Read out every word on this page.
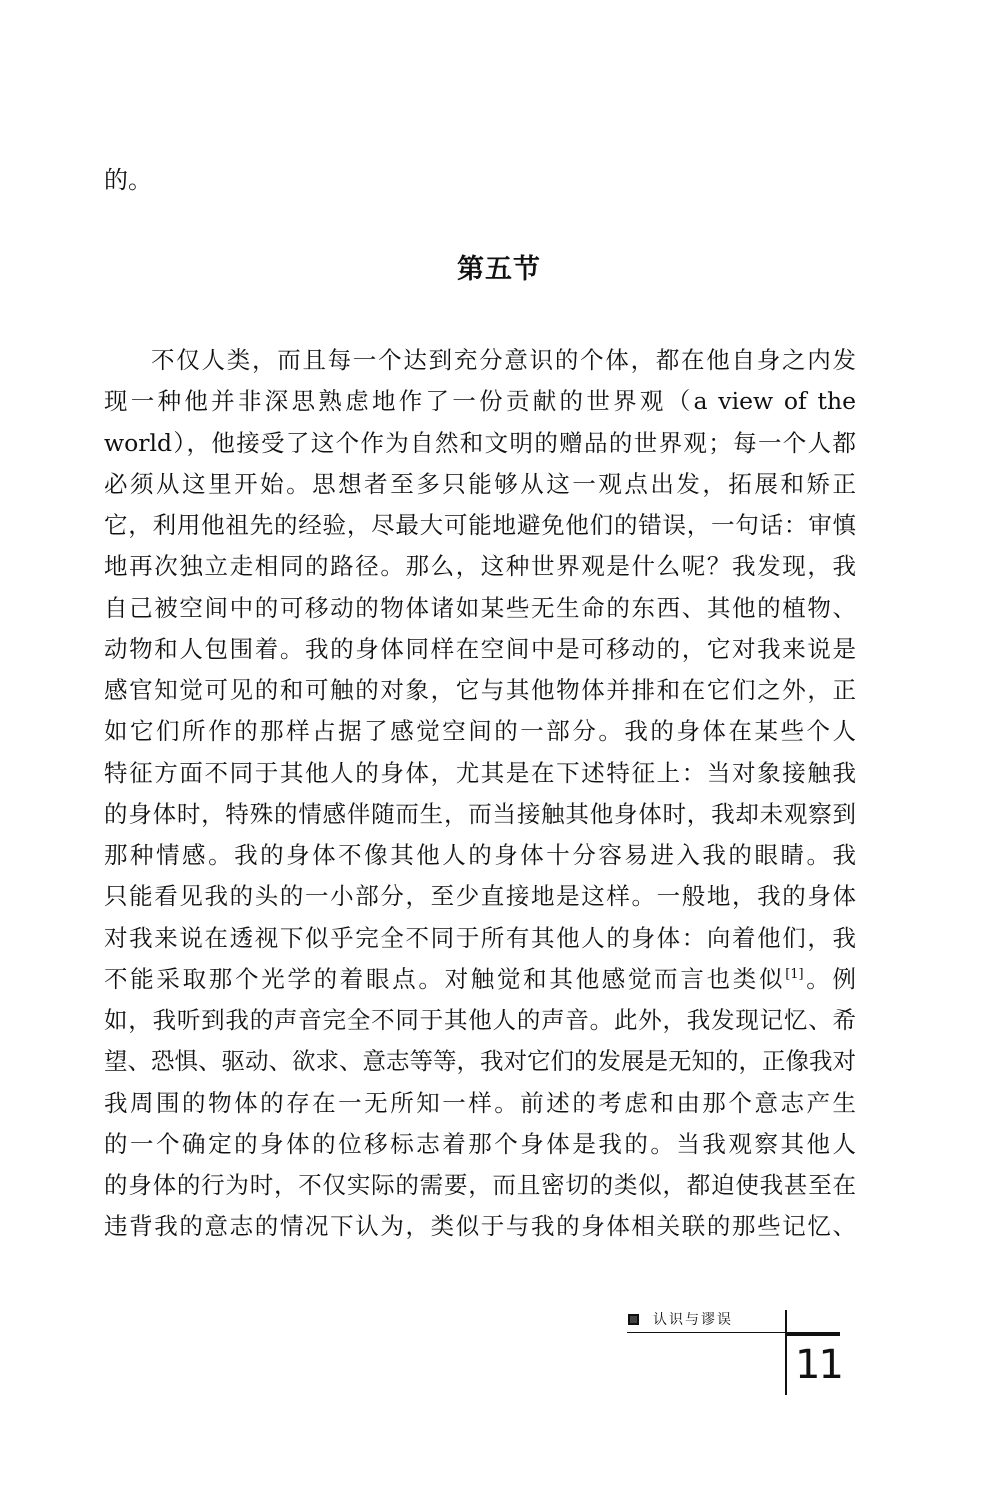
的。
第五节
不仅人类，而且每一个达到充分意识的个体，都在他自身之内发
现一种他并非深思熟虑地作了一份贡献的世界观（a view of the
world），他接受了这个作为自然和文明的赠品的世界观；每一个人都
必须从这里开始。思想者至多只能够从这一观点出发，拓展和矫正
它，利用他祖先的经验，尽最大可能地避免他们的错误，一句话：审慎
地再次独立走相同的路径。那么，这种世界观是什么呢？我发现，我
自己被空间中的可移动的物体诸如某些无生命的东西、其他的植物、
动物和人包围着。我的身体同样在空间中是可移动的，它对我来说是
感官知觉可见的和可触的对象，它与其他物体并排和在它们之外，正
如它们所作的那样占据了感觉空间的一部分。我的身体在某些个人
特征方面不同于其他人的身体，尤其是在下述特征上：当对象接触我
的身体时，特殊的情感伴随而生，而当接触其他身体时，我却未观察到
那种情感。我的身体不像其他人的身体十分容易进入我的眼睛。我
只能看见我的头的一小部分，至少直接地是这样。一般地，我的身体
对我来说在透视下似乎完全不同于所有其他人的身体：向着他们，我
不能采取那个光学的着眼点。对触觉和其他感觉而言也类似[1]。例
如，我听到我的声音完全不同于其他人的声音。此外，我发现记忆、希
望、恐惧、驱动、欲求、意志等等，我对它们的发展是无知的，正像我对
我周围的物体的存在一无所知一样。前述的考虑和由那个意志产生
的一个确定的身体的位移标志着那个身体是我的。当我观察其他人
的身体的行为时，不仅实际的需要，而且密切的类似，都迫使我甚至在
违背我的意志的情况下认为，类似于与我的身体相关联的那些记忆、
认识与谬误
11
